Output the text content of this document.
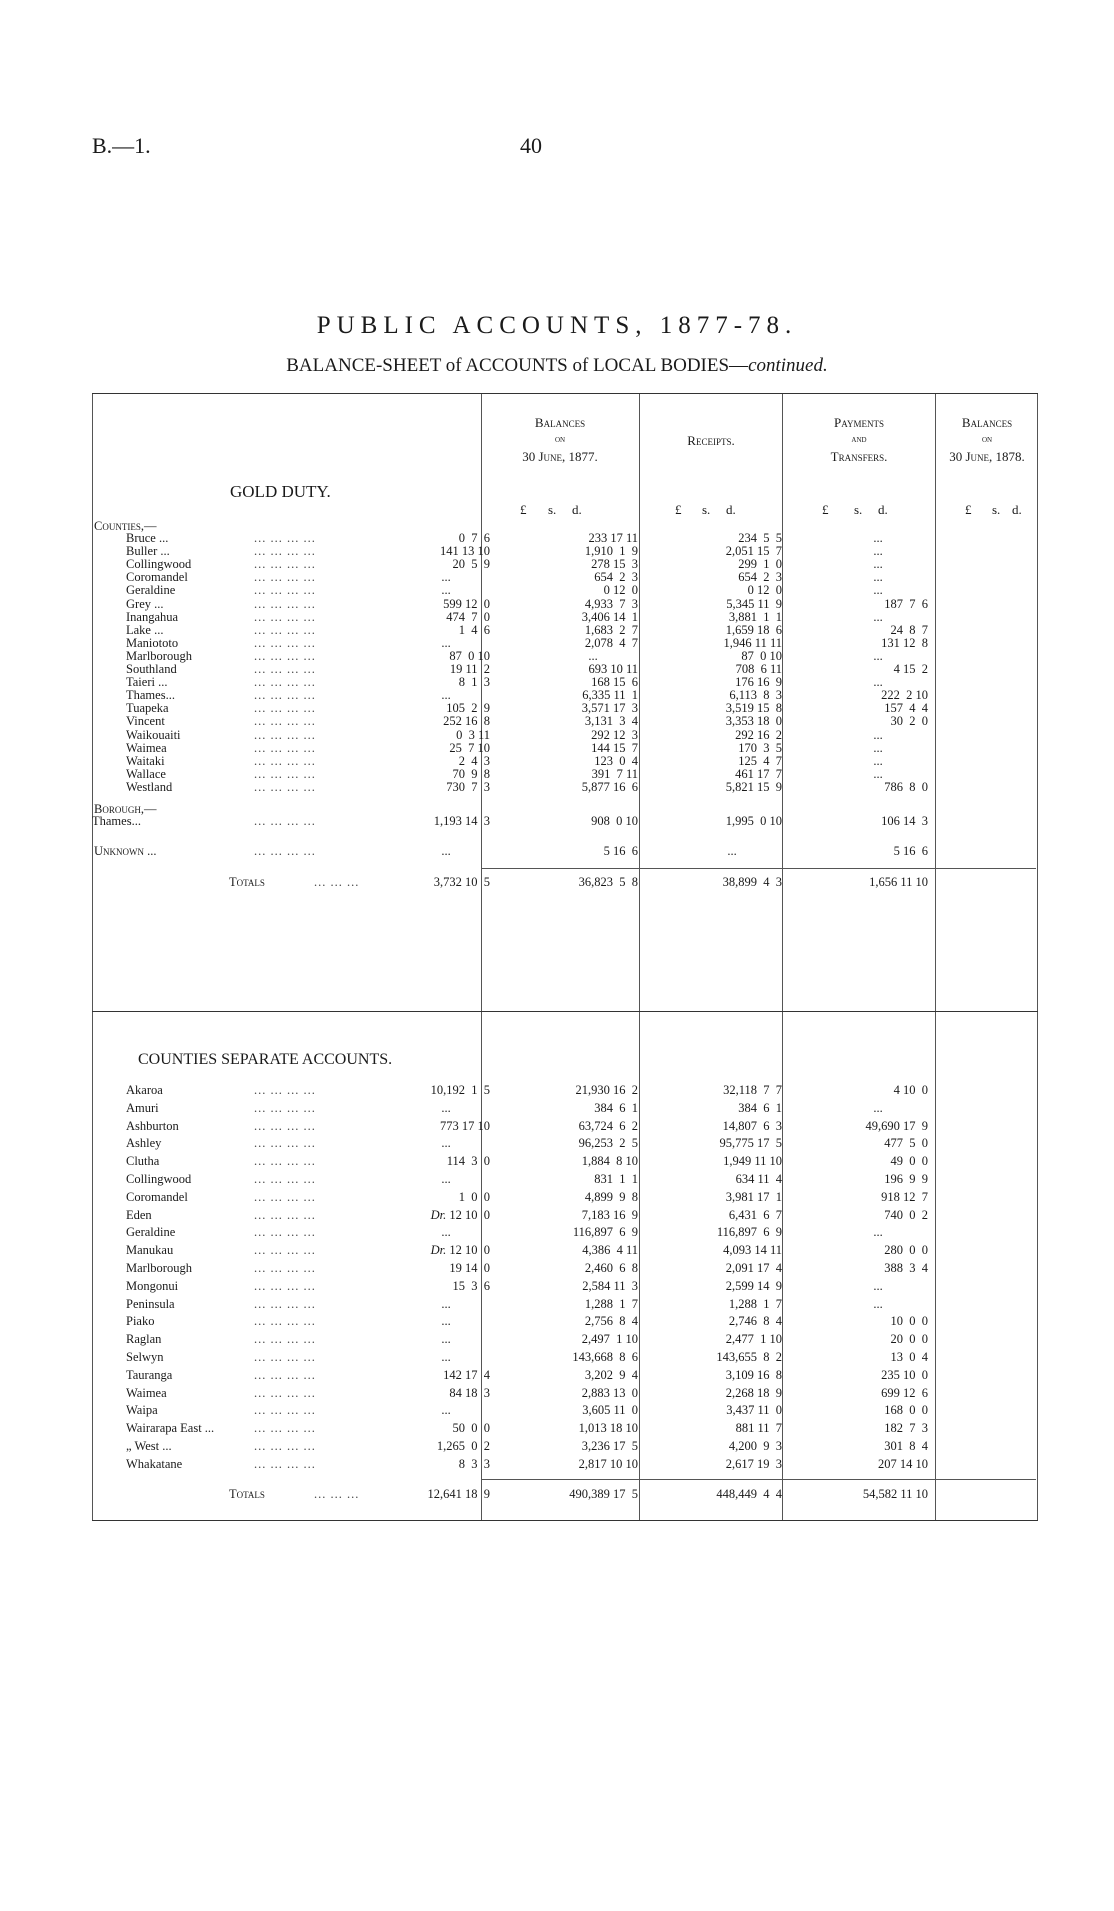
B.—1.	40
PUBLIC ACCOUNTS, 1877-78.
BALANCE-SHEET of ACCOUNTS of LOCAL BODIES—continued.
Balances
on
30 June, 1877.
Receipts.
Payments
and
Transfers.
Balances
on
30 June, 1878.
GOLD DUTY.
£ s. d.	£ s. d.	£ s. d.	£ s. d.
Counties,—
Bruce ...	... ... ... ...	0  7  6	233 17 11	234  5  5	...
Buller ...	... ... ... ...	141 13 10	1,910  1  9	2,051 15  7	...
Collingwood	... ... ... ...	20  5  9	278 15  3	299  1  0	...
Coromandel	... ... ... ...	...	654  2  3	654  2  3	...
Geraldine	... ... ... ...	...	0 12  0	0 12  0	...
Grey ...	... ... ... ...	599 12  0	4,933  7  3	5,345 11  9	187  7  6
Inangahua	... ... ... ...	474  7  0	3,406 14  1	3,881  1  1	...
Lake ...	... ... ... ...	1  4  6	1,683  2  7	1,659 18  6	24  8  7
Maniototo	... ... ... ...	...	2,078  4  7	1,946 11 11	131 12  8
Marlborough	... ... ... ...	87  0 10	...	87  0 10	...
Southland	... ... ... ...	19 11  2	693 10 11	708  6 11	4 15  2
Taieri ...	... ... ... ...	8  1  3	168 15  6	176 16  9	...
Thames...	... ... ... ...	...	6,335 11  1	6,113  8  3	222  2 10
Tuapeka	... ... ... ...	105  2  9	3,571 17  3	3,519 15  8	157  4  4
Vincent	... ... ... ...	252 16  8	3,131  3  4	3,353 18  0	30  2  0
Waikouaiti	... ... ... ...	0  3 11	292 12  3	292 16  2	...
Waimea	... ... ... ...	25  7 10	144 15  7	170  3  5	...
Waitaki	... ... ... ...	2  4  3	123  0  4	125  4  7	...
Wallace	... ... ... ...	70  9  8	391  7 11	461 17  7	...
Westland	... ... ... ...	730  7  3	5,877 16  6	5,821 15  9	786  8  0
Borough,—
Thames...	... ... ... ...	1,193 14  3	908  0 10	1,995  0 10	106 14  3
Unknown ...	... ... ... ...	...	5 16  6	...	5 16  6
Totals	... ... ...	3,732 10  5	36,823  5  8	38,899  4  3	1,656 11 10
COUNTIES SEPARATE ACCOUNTS.
Akaroa	... ... ... ...	10,192  1  5	21,930 16  2	32,118  7  7	4 10  0
Amuri	... ... ... ...	...	384  6  1	384  6  1	...
Ashburton	... ... ... ...	773 17 10	63,724  6  2	14,807  6  3	49,690 17  9
Ashley	... ... ... ...	...	96,253  2  5	95,775 17  5	477  5  0
Clutha	... ... ... ...	114  3  0	1,884  8 10	1,949 11 10	49  0  0
Collingwood	... ... ... ...	...	831  1  1	634 11  4	196  9  9
Coromandel	... ... ... ...	1  0  0	4,899  9  8	3,981 17  1	918 12  7
Eden	... ... ... ...	Dr. 12 10  0	7,183 16  9	6,431  6  7	740  0  2
Geraldine	... ... ... ...	...	116,897  6  9	116,897  6  9	...
Manukau	... ... ... ...	Dr. 12 10  0	4,386  4 11	4,093 14 11	280  0  0
Marlborough	... ... ... ...	19 14  0	2,460  6  8	2,091 17  4	388  3  4
Mongonui	... ... ... ...	15  3  6	2,584 11  3	2,599 14  9	...
Peninsula	... ... ... ...	...	1,288  1  7	1,288  1  7	...
Piako	... ... ... ...	...	2,756  8  4	2,746  8  4	10  0  0
Raglan	... ... ... ...	...	2,497  1 10	2,477  1 10	20  0  0
Selwyn	... ... ... ...	...	143,668  8  6	143,655  8  2	13  0  4
Tauranga	... ... ... ...	142 17  4	3,202  9  4	3,109 16  8	235 10  0
Waimea	... ... ... ...	84 18  3	2,883 13  0	2,268 18  9	699 12  6
Waipa	... ... ... ...	...	3,605 11  0	3,437 11  0	168  0  0
Wairarapa East ...	... ... ... ...	50  0  0	1,013 18 10	881 11  7	182  7  3
„ West ...	... ... ... ...	1,265  0  2	3,236 17  5	4,200  9  3	301  8  4
Whakatane	... ... ... ...	8  3  3	2,817 10 10	2,617 19  3	207 14 10
Totals	... ... ...	12,641 18  9	490,389 17  5	448,449  4  4	54,582 11 10
